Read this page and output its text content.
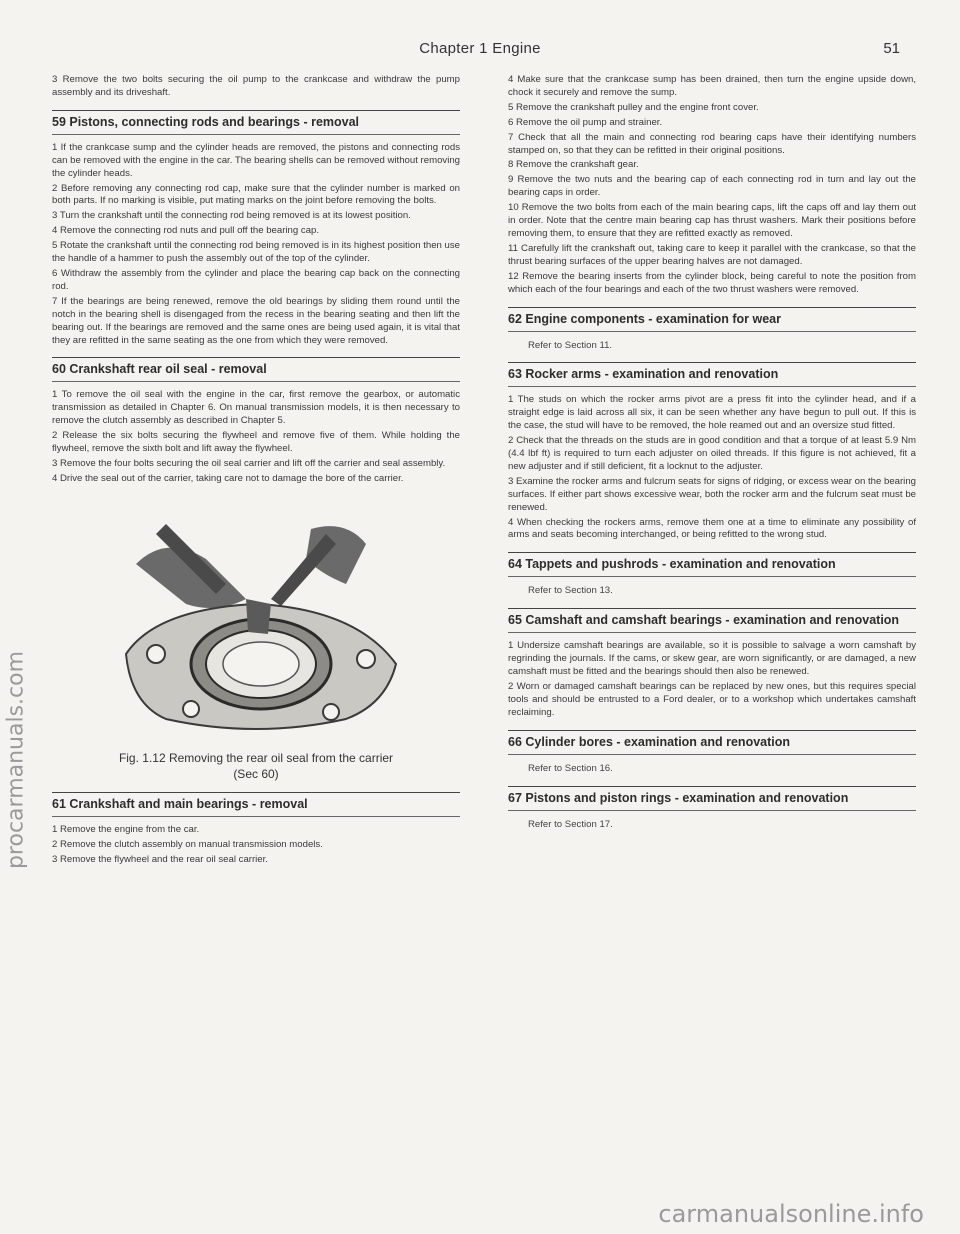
Chapter 1 Engine	51
procarmanuals.com

3 Remove the two bolts securing the oil pump to the crankcase and withdraw the pump assembly and its driveshaft.

59 Pistons, connecting rods and bearings - removal

1 If the crankcase sump and the cylinder heads are removed, the pistons and connecting rods can be removed with the engine in the car. The bearing shells can be removed without removing the cylinder heads.

2 Before removing any connecting rod cap, make sure that the cylinder number is marked on both parts. If no marking is visible, put mating marks on the joint before removing the bolts.

3 Turn the crankshaft until the connecting rod being removed is at its lowest position.

4 Remove the connecting rod nuts and pull off the bearing cap.

5 Rotate the crankshaft until the connecting rod being removed is in its highest position then use the handle of a hammer to push the assembly out of the top of the cylinder.

6 Withdraw the assembly from the cylinder and place the bearing cap back on the connecting rod.

7 If the bearings are being renewed, remove the old bearings by sliding them round until the notch in the bearing shell is disengaged from the recess in the bearing seating and then lift the bearing out. If the bearings are removed and the same ones are being used again, it is vital that they are refitted in the same seating as the one from which they were removed.

60 Crankshaft rear oil seal - removal

1 To remove the oil seal with the engine in the car, first remove the gearbox, or automatic transmission as detailed in Chapter 6. On manual transmission models, it is then necessary to remove the clutch assembly as described in Chapter 5.

2 Release the six bolts securing the flywheel and remove five of them. While holding the flywheel, remove the sixth bolt and lift away the flywheel.

3 Remove the four bolts securing the oil seal carrier and lift off the carrier and seal assembly.

4 Drive the seal out of the carrier, taking care not to damage the bore of the carrier.

Fig. 1.12 Removing the rear oil seal from the carrier
(Sec 60)
61 Crankshaft and main bearings - removal

1 Remove the engine from the car.

2 Remove the clutch assembly on manual transmission models.

3 Remove the flywheel and the rear oil seal carrier.

4 Make sure that the crankcase sump has been drained, then turn the engine upside down, chock it securely and remove the sump.

5 Remove the crankshaft pulley and the engine front cover.

6 Remove the oil pump and strainer.

7 Check that all the main and connecting rod bearing caps have their identifying numbers stamped on, so that they can be refitted in their original positions.

8 Remove the crankshaft gear.

9 Remove the two nuts and the bearing cap of each connecting rod in turn and lay out the bearing caps in order.

10 Remove the two bolts from each of the main bearing caps, lift the caps off and lay them out in order. Note that the centre main bearing cap has thrust washers. Mark their positions before removing them, to ensure that they are refitted exactly as removed.

11 Carefully lift the crankshaft out, taking care to keep it parallel with the crankcase, so that the thrust bearing surfaces of the upper bearing halves are not damaged.

12 Remove the bearing inserts from the cylinder block, being careful to note the position from which each of the four bearings and each of the two thrust washers were removed.

62 Engine components - examination for wear
Refer to Section 11.
63 Rocker arms - examination and renovation

1 The studs on which the rocker arms pivot are a press fit into the cylinder head, and if a straight edge is laid across all six, it can be seen whether any have begun to pull out. If this is the case, the stud will have to be removed, the hole reamed out and an oversize stud fitted.

2 Check that the threads on the studs are in good condition and that a torque of at least 5.9 Nm (4.4 lbf ft) is required to turn each adjuster on oiled threads. If this figure is not achieved, fit a new adjuster and if still deficient, fit a locknut to the adjuster.

3 Examine the rocker arms and fulcrum seats for signs of ridging, or excess wear on the bearing surfaces. If either part shows excessive wear, both the rocker arm and the fulcrum seat must be renewed.

4 When checking the rockers arms, remove them one at a time to eliminate any possibility of arms and seats becoming interchanged, or being refitted to the wrong stud.

64 Tappets and pushrods - examination and renovation
Refer to Section 13.
65 Camshaft and camshaft bearings - examination and renovation

1 Undersize camshaft bearings are available, so it is possible to salvage a worn camshaft by regrinding the journals. If the cams, or skew gear, are worn significantly, or are damaged, a new camshaft must be fitted and the bearings should then also be renewed.

2 Worn or damaged camshaft bearings can be replaced by new ones, but this requires special tools and should be entrusted to a Ford dealer, or to a workshop which undertakes camshaft reclaiming.

66 Cylinder bores - examination and renovation
Refer to Section 16.
67 Pistons and piston rings - examination and renovation
Refer to Section 17.
carmanualsonline.info
